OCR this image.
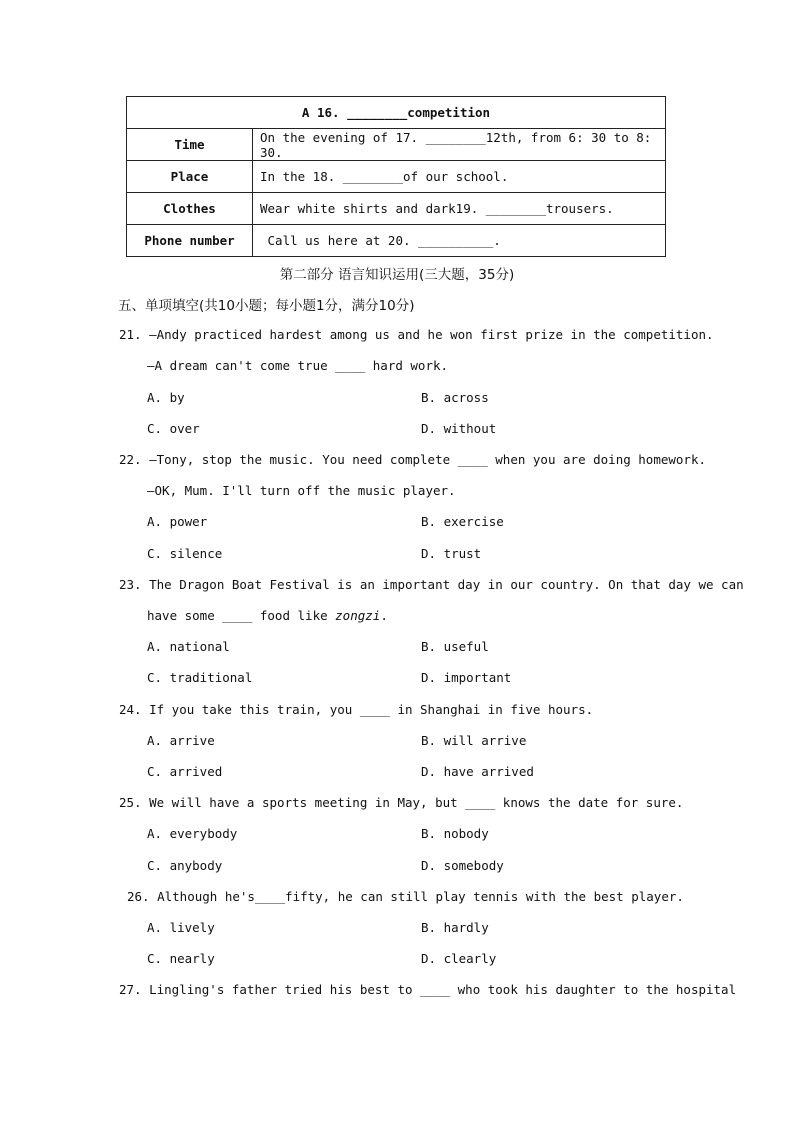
A 16. ________competition	
Time	On the evening of 17. ________12th, from 6: 30 to 8: 30.
Place	In the 18. ________of our school.
Clothes	Wear white shirts and dark19. ________trousers.
Phone number	Call us here at 20. __________.
第二部分 语言知识运用(三大题，35分)
五、单项填空(共10小题；每小题1分，满分10分)
21. —Andy practiced hardest among us and he won first prize in the competition.
—A dream can't come true ____ hard work.
A. by	B. across
C. over	D. without
22. —Tony, stop the music. You need complete ____ when you are doing homework.
—OK, Mum. I'll turn off the music player.
A. power	B. exercise
C. silence	D. trust
23. The Dragon Boat Festival is an important day in our country. On that day we can
have some ____ food like zongzi.
A. national	B. useful
C. traditional	D. important
24. If you take this train, you ____ in Shanghai in five hours.
A. arrive	B. will arrive
C. arrived	D. have arrived
25. We will have a sports meeting in May, but ____ knows the date for sure.
A. everybody	B. nobody
C. anybody	D. somebody
26. Although he's____fifty, he can still play tennis with the best player.
A. lively	B. hardly
C. nearly	D. clearly
27. Lingling's father tried his best to ____ who took his daughter to the hospital
